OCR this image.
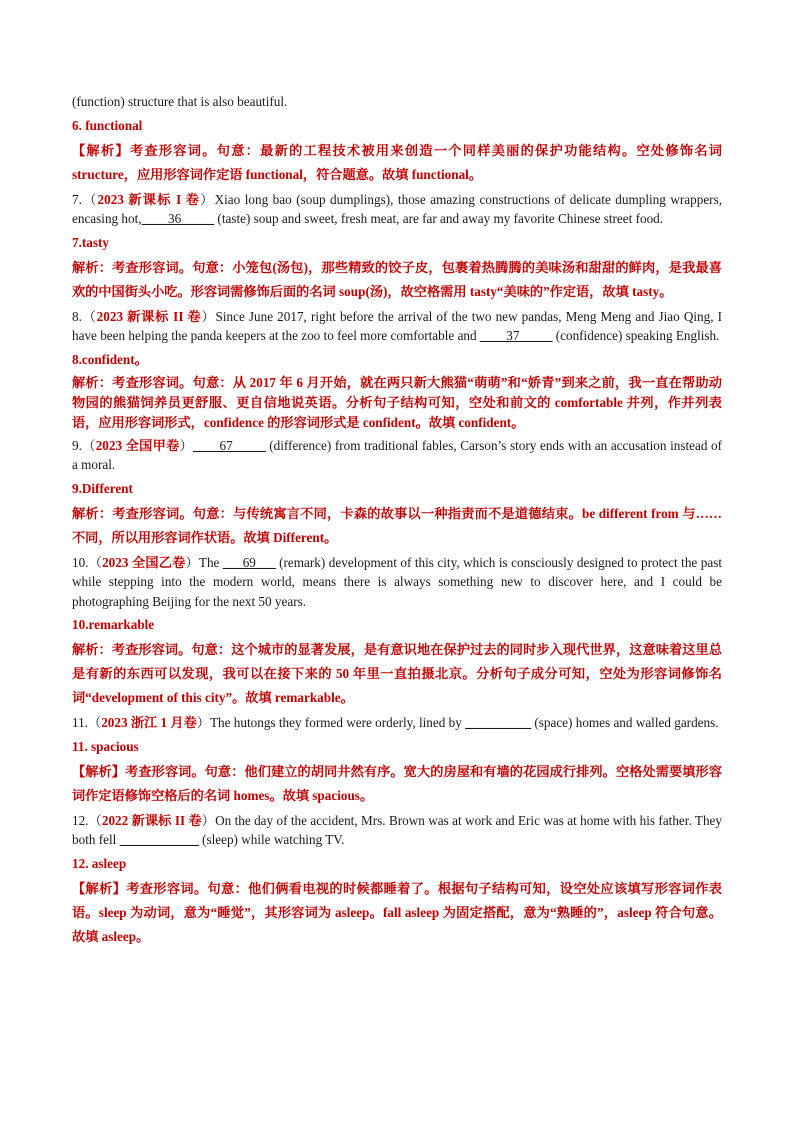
(function) structure that is also beautiful.

6. functional

【解析】考查形容词。句意：最新的工程技术被用来创造一个同样美丽的保护功能结构。空处修饰名词 structure，应用形容词作定语 functional，符合题意。故填 functional。

7.（2023 新课标 I 卷）Xiao long bao (soup dumplings), those amazing constructions of delicate dumpling wrappers, encasing hot,____36_____ (taste) soup and sweet, fresh meat, are far and away my favorite Chinese street food.

7.tasty

解析：考查形容词。句意：小笼包(汤包)，那些精致的饺子皮，包裹着热腾腾的美味汤和甜甜的鲜肉，是我最喜欢的中国街头小吃。形容词需修饰后面的名词 soup(汤)，故空格需用 tasty“美味的”作定语，故填 tasty。

8.（2023 新课标 II 卷）Since June 2017, right before the arrival of the two new pandas, Meng Meng and Jiao Qing, I have been helping the panda keepers at the zoo to feel more comfortable and ____37_____ (confidence) speaking English.

8.confident。

解析：考查形容词。句意：从 2017 年 6 月开始，就在两只新大熊猫“萌萌”和“娇青”到来之前，我一直在帮助动物园的熊猫饲养员更舒服、更自信地说英语。分析句子结构可知，空处和前文的 comfortable 并列，作并列表语，应用形容词形式，confidence 的形容词形式是 confident。故填 confident。

9.（2023 全国甲卷）____67_____ (difference) from traditional fables, Carson’s story ends with an accusation instead of a moral.

9.Different

解析：考查形容词。句意：与传统寓言不同，卡森的故事以一种指责而不是道德结束。be different from 与……不同，所以用形容词作状语。故填 Different。

10.（2023 全国乙卷）The ___69___ (remark) development of this city, which is consciously designed to protect the past while stepping into the modern world, means there is always something new to discover here, and I could be photographing Beijing for the next 50 years.

10.remarkable

解析：考查形容词。句意：这个城市的显著发展，是有意识地在保护过去的同时步入现代世界，这意味着这里总是有新的东西可以发现，我可以在接下来的 50 年里一直拍摄北京。分析句子成分可知，空处为形容词修饰名词“development of this city”。故填 remarkable。

11.（2023 浙江 1 月卷）The hutongs they formed were orderly, lined by __________ (space) homes and walled gardens.

11. spacious

【解析】考查形容词。句意：他们建立的胡同井然有序。宽大的房屋和有墙的花园成行排列。空格处需要填形容词作定语修饰空格后的名词 homes。故填 spacious。

12.（2022 新课标 II 卷）On the day of the accident, Mrs. Brown was at work and Eric was at home with his father. They both fell ____________ (sleep) while watching TV.

12. asleep

【解析】考查形容词。句意：他们俩看电视的时候都睡着了。根据句子结构可知，设空处应该填写形容词作表语。sleep 为动词，意为“睡觉”，其形容词为 asleep。fall asleep 为固定搭配，意为“熟睡的”，asleep 符合句意。故填 asleep。
